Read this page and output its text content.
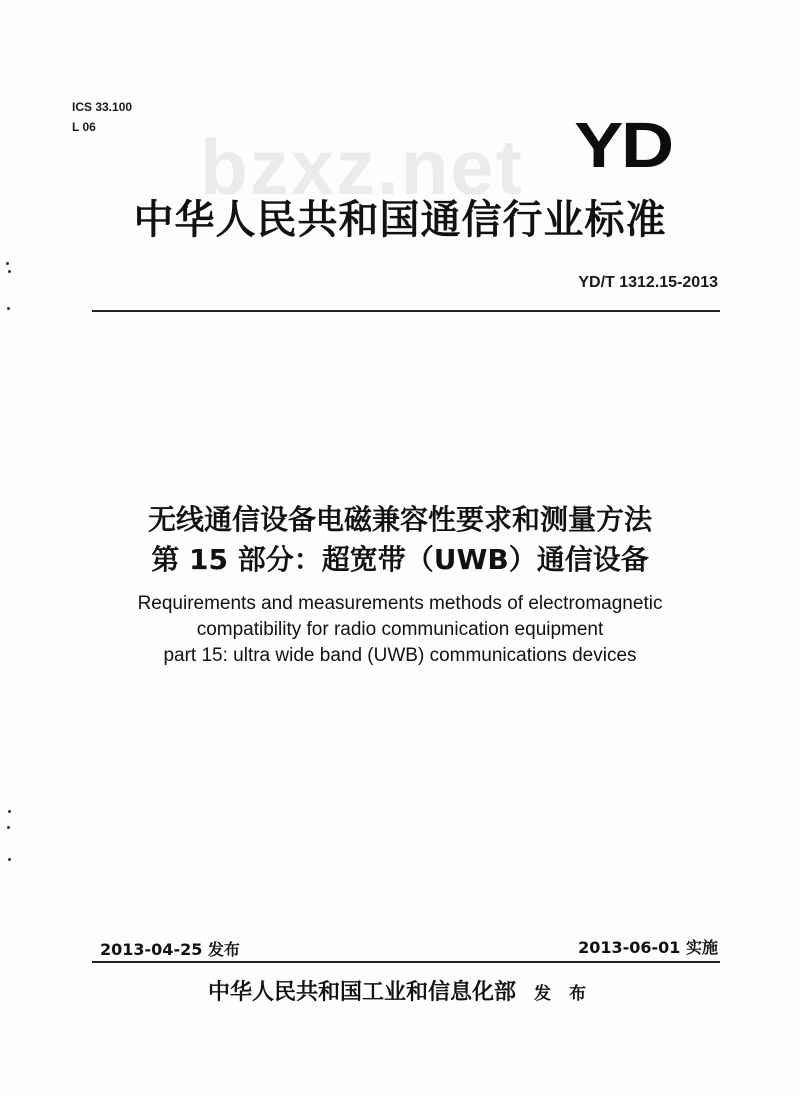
ICS 33.100
L 06 bzxz.net YD
中华人民共和国通信行业标准
YD/T 1312.15-2013
无线通信设备电磁兼容性要求和测量方法
第 15 部分：超宽带（UWB）通信设备
Requirements and measurements methods of electromagnetic
compatibility for radio communication equipment
part 15: ultra wide band (UWB) communications devices
2013-04-25 发布	2013-06-01 实施
中华人民共和国工业和信息化部 发 布
